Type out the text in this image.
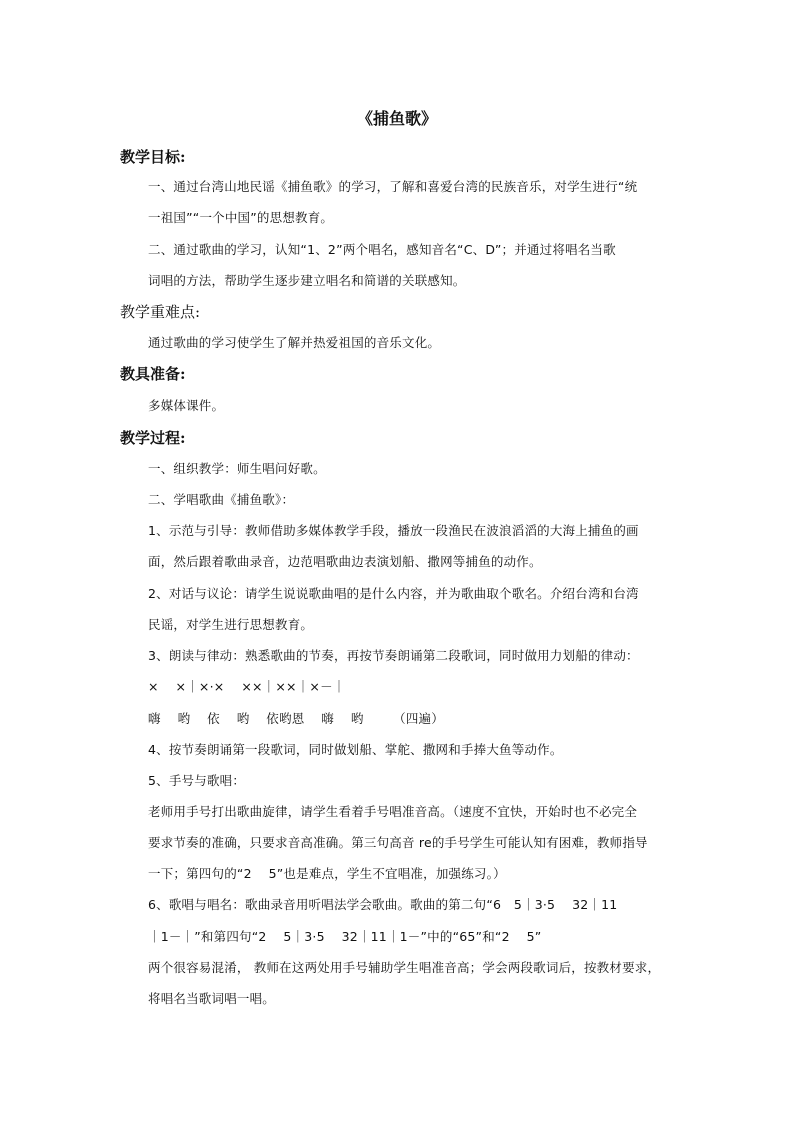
《捕鱼歌》
教学目标:
一、通过台湾山地民谣《捕鱼歌》的学习，了解和喜爱台湾的民族音乐，对学生进行“统
一祖国”“一个中国”的思想教育。
二、通过歌曲的学习，认知“1、2”两个唱名，感知音名“C、D”；并通过将唱名当歌
词唱的方法，帮助学生逐步建立唱名和简谱的关联感知。
教学重难点:
通过歌曲的学习使学生了解并热爱祖国的音乐文化。
教具准备:
多媒体课件。
教学过程:
一、组织教学：师生唱问好歌。
二、学唱歌曲《捕鱼歌》：
1、示范与引导：教师借助多媒体教学手段，播放一段渔民在波浪滔滔的大海上捕鱼的画
面，然后跟着歌曲录音，边范唱歌曲边表演划船、撒网等捕鱼的动作。
2、对话与议论：请学生说说歌曲唱的是什么内容，并为歌曲取个歌名。介绍台湾和台湾
民谣，对学生进行思想教育。
3、朗读与律动：熟悉歌曲的节奏，再按节奏朗诵第二段歌词，同时做用力划船的律动：
×　 ×｜×·×　 ××｜××｜×－｜
嗨　 哟　 依　 哟　 依哟恩　 嗨　 哟　　 （四遍）
4、按节奏朗诵第一段歌词，同时做划船、掌舵、撒网和手捧大鱼等动作。
5、手号与歌唱：
老师用手号打出歌曲旋律，请学生看着手号唱准音高。（速度不宜快，开始时也不必完全
要求节奏的准确，只要求音高准确。第三句高音 re的手号学生可能认知有困难，教师指导
一下；第四句的“2　 5”也是难点，学生不宜唱准，加强练习。）
6、歌唱与唱名：歌曲录音用听唱法学会歌曲。歌曲的第二句“6　5｜3·5　 32｜11
｜1－｜”和第四句“2　 5｜3·5　 32｜11｜1－”中的“65”和“2　 5”
两个很容易混淆， 教师在这两处用手号辅助学生唱准音高；学会两段歌词后，按教材要求，
将唱名当歌词唱一唱。
